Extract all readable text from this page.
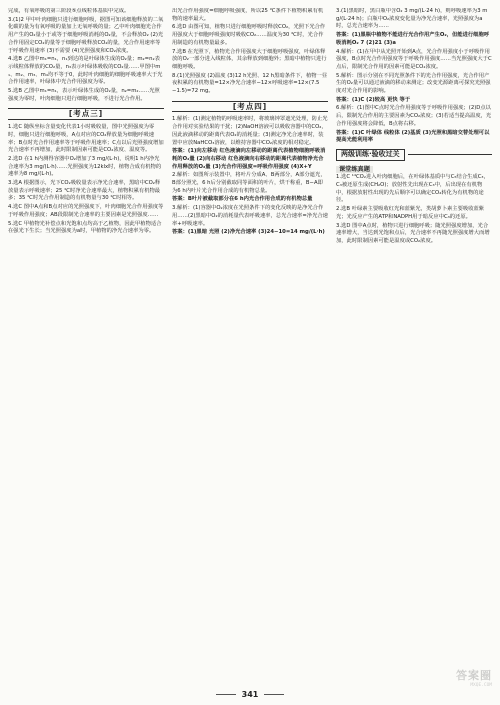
完成，有氧呼吸的第三阶段⑤点线粒体基质中完成。

3.(1)2 甲中叶肉细胞只进行细胞呼吸，据图可知该细胞释放的二氧化碳的量为有氧呼吸的量加上无氧呼吸的量；乙中叶肉细胞光合作用产生的O₂量小于或等于细胞呼吸消耗的O₂量，不会释放O₂ (2)光合作用固定CO₂的量等于细胞呼吸释放CO₂的量，光合作用速率等于呼吸作用速率 (3)不需要 (4)光照强度和CO₂浓度。

4.选B 乙图中m₁=n₁，n₁到达的是叶绿体生成的O₂量；m₂=n₂表示线粒体释放的CO₂量，n₃表示叶绿体吸收的CO₂量……甲图中m₁、m₂、m₃、m₄均不等于0，此时叶肉细胞的细胞呼吸速率大于光合作用速率，叶绿体中光合作用强度为零。

5.选B 乙图中m₁=n₁，表示叶绿体生成的O₂量，n₂=m₂……光照强度为零时，叶肉细胞只进行细胞呼吸，不进行光合作用。

[考点三]

1.选C 随纵坐标含量变化代表1小时吸收量，图中光照强度为零时，细胞只进行细胞呼吸，A点对应的CO₂释放量为细胞呼吸速率；B点时光合作用速率等于呼吸作用速率；C点以后光照强度增加光合速率不再增加，此时限制因素可能是CO₂浓度、温度等。

2.选D 在1 h内测得容器中O₂增加了3 mg/(L·h)，说明1 h内净光合速率为3 mg/(L·h)……光照强度为12klx时，植物合成有机物的速率为8 mg/(L·h)。

3.选A 根据图示，光下CO₂吸收量表示净光合速率，黑暗中CO₂释放量表示呼吸速率；25 ℃时净光合速率最大，植物积累有机物最多；35 ℃时光合作用制造的有机物量与30 ℃时相等。

4.选C 图中A点和B点对应的光照强度下，叶肉细胞光合作用强度等于呼吸作用强度；AB段限制光合速率的主要因素是光照强度……

5.选C 甲植物光补偿点和光饱和点均高于乙植物，因此甲植物适合在强光下生长；当光照强度为a时，甲植物的净光合速率为零。

出光合作用强度=细胞呼吸强度，所以25 ℃条件下植物积累有机物的速率最大。

6.选D 由图可知，植物只进行细胞呼吸时释放CO₂，光照下光合作用强度大于细胞呼吸强度时吸收CO₂……温度为30 ℃时，光合作用制造的有机物量最多。

7.选B 在光照下，植物光合作用强度大于细胞呼吸强度，叶绿体释放的O₂一部分进入线粒体，其余释放到细胞外；黑暗中植物只进行细胞呼吸。

8.(1)光照强度 (2)温度 (3)12 h光照、12 h黑暗条件下，植物一昼夜积累的有机物量=12×净光合速率−12×呼吸速率=12×(7.5−1.5)=72 mg。

[考点四]

1.解析：(1)测定植物的呼吸速率时，将玻璃钟罩遮光处理，防止光合作用对实验结果的干扰；(2)NaOH溶液可以吸收容器中的CO₂，因此液滴移动的距离代表O₂的消耗量；(3)测定净光合速率时，装置中应放NaHCO₃溶液，以维持容器中CO₂浓度的相对稳定。

答案：(1)向左移动 红色液滴向左移动的距离代表植物细胞呼吸消耗的O₂量 (2)向右移动 红色液滴向右移动的距离代表植物净光合作用释放的O₂量 (3)光合作用强度=呼吸作用强度 (4)X+Y

2.解析：如图所示装置中，将叶片分成A、B两部分，A部分遮光，B部分照光，6 h后分别截取同等面积的叶片，烘干称重，B−A即为6 h内叶片光合作用合成的有机物总量。

答案：B叶片被截取部分在6 h内光合作用合成的有机物总量

3.解析：(1)容器中O₂浓度在光照条件下的变化反映的是净光合作用……(2)黑暗中O₂的消耗量代表呼吸速率，总光合速率=净光合速率+呼吸速率。

答案：(1)黑暗 光照 (2)净光合速率 (3)24−10=14 mg/(L·h)

3.(1)黑暗时，黑白瓶中含O₂ 3 mg/(L·24 h)，则呼吸速率为3 mg/(L·24 h)；白瓶中O₂浓度变化量为净光合速率，光照强度为a时，总光合速率为……

答案：(1)黑瓶中植物不能进行光合作用产生O₂，但能进行细胞呼吸消耗O₂ 7 (2)21 (3)a

4.解析：(1)在甲中从光照开始到A点，光合作用强度小于呼吸作用强度，B点时光合作用强度等于呼吸作用强度……当光照强度大于C点后，限制光合作用的因素可能是CO₂浓度。

5.解析：图示分别在不同光照条件下的光合作用强度，光合作用产生的O₂量可以通过液滴的移动来测定；改变光源距离可探究光照强度对光合作用的影响。

答案：(1)C (2)较高 更快 等于

6.解析：(1)图中C点时光合作用强度等于呼吸作用强度；(2)D点以后，限制光合作用的主要因素为CO₂浓度；(3)若适当提高温度，光合作用强度将会降低，B点将右移。

答案：(1)C 叶绿体 线粒体 (2)基质 (3)光照和黑暗交替处理可以提高光能利用率

两级训练·验收过关
课堂练真题

1.选C ¹⁴CO₂进入叶肉细胞后，在叶绿体基质中与C₅结合生成C₃，C₃被还原生成(CH₂O)；放射性先出现在C₃中，后出现在有机物中，根据放射性出现的先后顺序可以确定CO₂转化为有机物的途径。

2.选B 叶绿素主要吸收红光和蓝紫光，类胡萝卜素主要吸收蓝紫光；光反应产生的ATP和NADPH用于暗反应中C₃的还原。

3.选D 图中A点时，植物只进行细胞呼吸；随光照强度增加，光合速率增大，当达到光饱和点后，光合速率不再随光照强度增大而增加，此时限制因素可能是温度或CO₂浓度。

341
答案圈
MXQE.COM
